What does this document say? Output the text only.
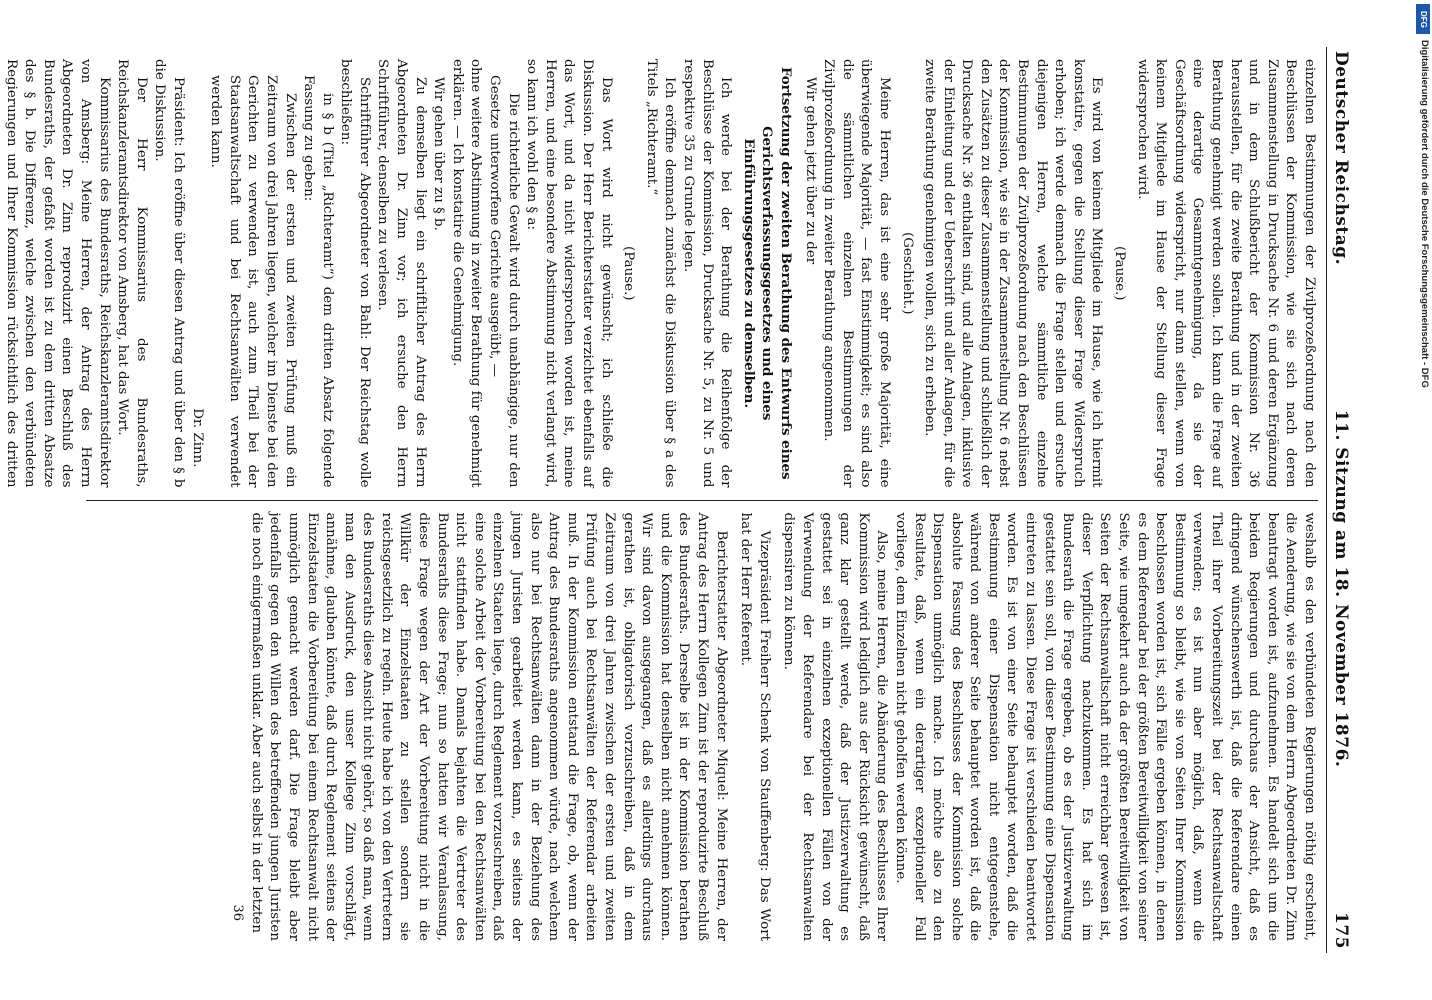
Deutscher Reichstag.
11. Sitzung am 18. November 1876.
175

einzelnen Bestimmungen der Zivilprozeßordnung nach den Beschlüssen der Kommission, wie sie sich nach deren Zusammenstellung in Drucksache Nr. 6 und deren Ergänzung und in dem Schlußbericht der Kommission Nr. 36 herausstellen, für die zweite Berathung und in der zweiten Berathung genehmigt werden sollen. Ich kann die Frage auf eine derartige Gesammtgenehmigung, da sie der Geschäftsordnung widerspricht, nur dann stellen, wenn von keinem Mitgliede im Hause der Stellung dieser Frage widersprochen wird.

(Pause.)

Es wird von keinem Mitgliede im Hause, wie ich hiermit konstatire, gegen die Stellung dieser Frage Widerspruch erhoben; ich werde demnach die Frage stellen und ersuche diejenigen Herren, welche sämmtliche einzelne Bestimmungen der Zivilprozeßordnung nach den Beschlüssen der Kommission, wie sie in der Zusammenstellung Nr. 6 nebst den Zusätzen zu dieser Zusammenstellung und schließlich der Drucksache Nr. 36 enthalten sind, und alle Anlagen, inklusive der Einleitung und der Ueberschrift und aller Anlagen, für die zweite Berathung genehmigen wollen, sich zu erheben.

(Geschieht.)

Meine Herren, das ist eine sehr große Majorität, eine überwiegende Majorität, — fast Einstimmigkeit; es sind also die sämmtlichen einzelnen Bestimmungen der Zivilprozeßordnung in zweiter Berathung angenommen.

Wir gehen jetzt über zu der

Fortsetzung der zweiten Berathung des Entwurfs eines Gerichtsverfassungsgesetzes und eines Einführungsgesetzes zu demselben.

Ich werde bei der Berathung die Reihenfolge der Beschlüsse der Kommission, Drucksache Nr. 5, zu Nr. 5 und respektive 35 zu Grunde legen.

Ich eröffne demnach zunächst die Diskussion über § a des Titels „Richteramt.“

(Pause.)

Das Wort wird nicht gewünscht; ich schließe die Diskussion. Der Herr Berichterstatter verzichtet ebenfalls auf das Wort, und da nicht widersprochen worden ist, meine Herren, und eine besondere Abstimmung nicht verlangt wird, so kann ich wohl den § a:

Die richterliche Gewalt wird durch unabhängige, nur den Gesetze unterworfene Gerichte ausgeübt, —

ohne weitere Abstimmung in zweiter Berathung für genehmigt erklären. — Ich konstatire die Genehmigung.

Wir gehen über zu § b.

Zu demselben liegt ein schriftlicher Antrag des Herrn Abgeordneten Dr. Zinn vor; ich ersuche den Herrn Schriftführer, denselben zu verlesen.

Schriftführer Abgeordneter von Bahl: Der Reichstag wolle beschließen:

in § b (Titel „Richteramt“) dem dritten Absatz folgende Fassung zu geben:

Zwischen der ersten und zweiten Prüfung muß ein Zeitraum von drei Jahren liegen, welcher im Dienste bei den Gerichten zu verwenden ist, auch zum Theil bei der Staatsanwaltschaft und bei Rechtsanwälten verwendet werden kann.

Dr. Zinn.

Präsident: Ich eröffne über diesen Antrag und über den § b die Diskussion.

Der Herr Kommissarius des Bundesraths, Reichskanzleramtsdirektor von Amsberg, hat das Wort.

Kommissarius des Bundesraths, Reichskanzleramtsdirektor von Amsberg: Meine Herren, der Antrag des Herrn Abgeordneten Dr. Zinn reproduzirt einen Beschluß des Bundesraths, der gefaßt worden ist zu dem dritten Absatze des § b. Die Differenz, welche zwischen den verbündeten Regierungen und Ihrer Kommission rücksichtlich des dritten

weshalb es den verbündeten Regierungen nöthig erscheint, die Aenderung, wie sie von dem Herrn Abgeordneten Dr. Zinn beantragt worden ist, aufzunehmen. Es handelt sich um die beiden Regierungen und durchaus der Ansicht, daß es dringend wünschenswerth ist, daß die Referendare einen Theil ihrer Vorbereitungszeit bei der Rechtsanwaltschaft verwenden; es ist nun aber möglich, daß, wenn die Bestimmung so bleibt, wie sie von Seiten Ihrer Kommission beschlossen worden ist, sich Fälle ergeben können, in denen es dem Referendar bei der größten Bereitwilligkeit von seiner Seite, wie umgekehrt auch da der größten Bereitwilligkeit von Seiten der Rechtsanwaltschaft nicht erreichbar gewesen ist, dieser Verpflichtung nachzukommen. Es hat sich im Bundesrath die Frage ergeben, ob es der Justizverwaltung gestattet sein soll, von dieser Bestimmung eine Dispensation eintreten zu lassen. Diese Frage ist verschieden beantwortet worden. Es ist von einer Seite behauptet worden, daß die Bestimmung einer Dispensation nicht entgegenstehe, während von anderer Seite behauptet worden ist, daß die absolute Fassung des Beschlusses der Kommission solche Dispensation unmöglich mache. Ich möchte also zu den Resultate, daß, wenn ein derartiger exzeptioneller Fall vorliege, dem Einzelnen nicht geholfen werden könne.

Also, meine Herren, die Abänderung des Beschlusses Ihrer Kommission wird lediglich aus der Rücksicht gewünscht, daß ganz klar gestellt werde, daß der Justizverwaltung es gestattet sei in einzelnen exzeptionellen Fällen von der Verwendung der Referendare bei der Rechtsanwalten dispensiren zu können.

Vizepräsident Freiherr Schenk von Stauffenberg: Das Wort hat der Herr Referent.

Berichterstatter Abgeordneter Miquel: Meine Herren, der Antrag des Herrn Kollegen Zinn ist der reproduzirte Beschluß des Bundesraths. Derselbe ist in der Kommission berathen und die Kommission hat denselben nicht annehmen können. Wir sind davon ausgegangen, daß es allerdings durchaus gerathen ist, obligatorisch vorzuschreiben, daß in dem Zeitraum von drei Jahren zwischen der ersten und zweiten Prüfung auch bei Rechtsanwälten der Referendar arbeiten muß. In der Kommission entstand die Frage, ob, wenn der Antrag des Bundesraths angenommen würde, nach welchem also nur bei Rechtsanwälten dann in der Beziehung des jungen Juristen gearbeitet werden kann, es seitens der einzelnen Staaten liege, durch Reglement vorzuschreiben, daß eine solche Arbeit der Vorbereitung bei den Rechtsanwälten nicht stattfinden habe. Damals bejahten die Vertreter des Bundesraths diese Frage; nun so hatten wir Veranlassung, diese Frage wegen der Art der Vorbereitung nicht in die Willkür der Einzelstaaten zu stellen sondern sie reichsgesetzlich zu regeln. Heute habe ich von den Vertretern des Bundesraths diese Ansicht nicht gehört, so daß man, wenn man den Ausdruck, den unser Kollege Zinn vorschlägt, annähme, glauben könnte, daß durch Reglement seitens der Einzelstaaten die Vorbereitung bei einem Rechtsanwalt nicht unmöglich gemacht werden darf. Die Frage bleibt aber jedenfalls gegen den Willen des betreffenden jungen Juristen die noch einigermaßen unklar. Aber auch selbst in der letzten

36

DFG
Digitalisierung gefördert durch die Deutsche Forschungsgemeinschaft - DFG
